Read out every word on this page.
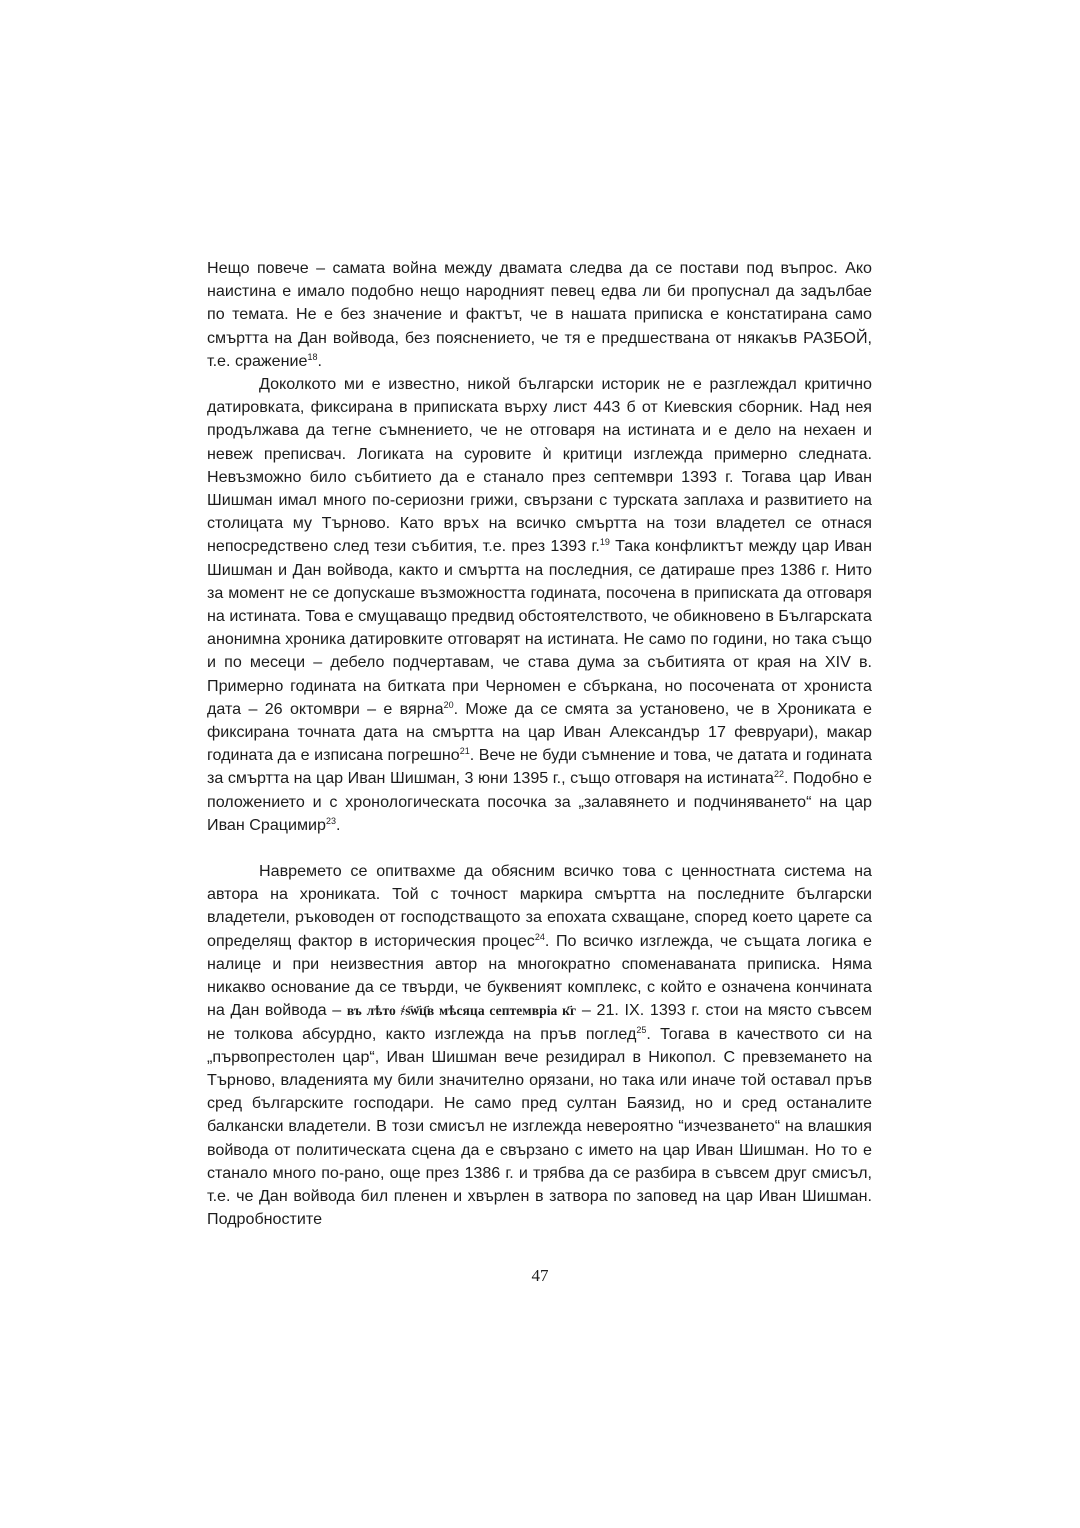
Нещо повече – самата война между двамата следва да се постави под въпрос. Ако наистина е имало подобно нещо народният певец едва ли би пропуснал да задълбае по темата. Не е без значение и фактът, че в нашата приписка е констатирана само смъртта на Дан войвода, без пояснението, че тя е предшествана от някакъв РАЗБОЙ, т.е. сражение$^{18}$.

Доколкото ми е известно, никой български историк не е разглеждал критично датировката, фиксирана в приписката върху лист 443 б от Киевския сборник. Над нея продължава да тегне съмнението, че не отговаря на истината и е дело на нехаен и невеж преписвач. Логиката на суровите ѝ критици изглежда примерно следната. Невъзможно било събитието да е станало през септември 1393 г. Тогава цар Иван Шишман имал много по-сериозни грижи, свързани с турската заплаха и развитието на столицата му Търново. Като връх на всичко смъртта на този владетел се отнася непосредствено след тези събития, т.е. през 1393 г.$^{19}$ Така конфликтът между цар Иван Шишман и Дан войвода, както и смъртта на последния, се датираше през 1386 г. Нито за момент не се допускаше възможността годината, посочена в приписката да отговаря на истината. Това е смущаващо предвид обстоятелството, че обикновено в Българската анонимна хроника датировките отговарят на истината. Не само по години, но така също и по месеци – дебело подчертавам, че става дума за събитията от края на XIV в. Примерно годината на битката при Черномен е сбъркана, но посочената от хрониста дата – 26 октомври – е вярна$^{20}$. Може да се смята за установено, че в Хрониката е фиксирана точната дата на смъртта на цар Иван Александър 17 февруари), макар годината да е изписана погрешно$^{21}$. Вече не буди съмнение и това, че датата и годината за смъртта на цар Иван Шишман, 3 юни 1395 г., също отговаря на истината$^{22}$. Подобно е положението и с хронологическата посочка за „залавянето и подчиняването“ на цар Иван Срацимир$^{23}$.

Навремето се опитвахме да обясним всичко това с ценностната система на автора на хрониката. Той с точност маркира смъртта на последните български владетели, ръководен от господстващото за епохата схващане, според което царете са определящ фактор в историческия процес$^{24}$. По всичко изглежда, че същата логика е налице и при неизвестния автор на многократно споменаваната приписка. Няма никакво основание да се твърди, че буквеният комплекс, с който е означена кончината на Дан войвода – въ лѣто ҂ѕ҃ѡ҃ц҃в мѣсяца септемвріа к҃г – 21. IX. 1393 г. стои на място съвсем не толкова абсурдно, както изглежда на пръв поглед$^{25}$. Тогава в качеството си на „първопрестолен цар“, Иван Шишман вече резидирал в Никопол. С превземането на Търново, владенията му били значително орязани, но така или иначе той оставал пръв сред българските господари. Не само пред султан Баязид, но и сред останалите балкански владетели. В този смисъл не изглежда невероятно “изчезването“ на влашкия войвода от политическата сцена да е свързано с името на цар Иван Шишман. Но то е станало много по-рано, още през 1386 г. и трябва да се разбира в съвсем друг смисъл, т.е. че Дан войвода бил пленен и хвърлен в затвора по заповед на цар Иван Шишман. Подробностите

47
